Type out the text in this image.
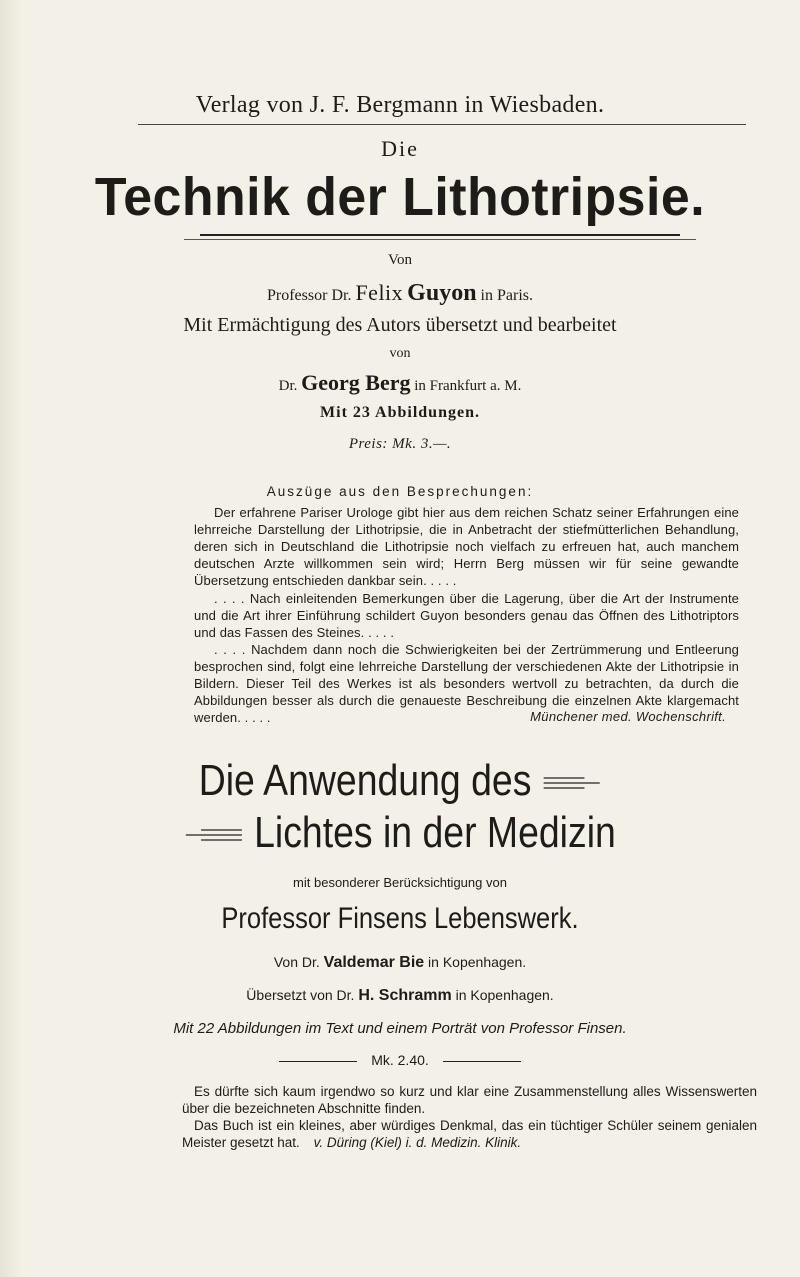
Verlag von J. F. Bergmann in Wiesbaden.
Die
Technik der Lithotripsie.
Von
Professor Dr. Felix Guyon in Paris.
Mit Ermächtigung des Autors übersetzt und bearbeitet
von
Dr. Georg Berg in Frankfurt a. M.
Mit 23 Abbildungen.
Preis: Mk. 3.—.
Auszüge aus den Besprechungen:

Der erfahrene Pariser Urologe gibt hier aus dem reichen Schatz seiner Erfahrungen eine lehrreiche Darstellung der Lithotripsie, die in Anbetracht der stiefmütterlichen Behandlung, deren sich in Deutschland die Lithotripsie noch vielfach zu erfreuen hat, auch manchem deutschen Arzte willkommen sein wird; Herrn Berg müssen wir für seine gewandte Übersetzung entschieden dankbar sein. . . . .

. . . . Nach einleitenden Bemerkungen über die Lagerung, über die Art der Instrumente und die Art ihrer Einführung schildert Guyon besonders genau das Öffnen des Lithotriptors und das Fassen des Steines. . . . .

. . . . Nachdem dann noch die Schwierigkeiten bei der Zertrümmerung und Entleerung besprochen sind, folgt eine lehrreiche Darstellung der verschiedenen Akte der Lithotripsie in Bildern. Dieser Teil des Werkes ist als besonders wertvoll zu betrachten, da durch die Abbildungen besser als durch die genaueste Beschreibung die einzelnen Akte klargemacht werden. . . . .	Münchener med. Wochenschrift.
Die Anwendung des
Lichtes in der Medizin
mit besonderer Berücksichtigung von
Professor Finsens Lebenswerk.
Von Dr. Valdemar Bie in Kopenhagen.
Übersetzt von Dr. H. Schramm in Kopenhagen.
Mit 22 Abbildungen im Text und einem Porträt von Professor Finsen.
Mk. 2.40.

Es dürfte sich kaum irgendwo so kurz und klar eine Zusammenstellung alles Wissenswerten über die bezeichneten Abschnitte finden.

Das Buch ist ein kleines, aber würdiges Denkmal, das ein tüchtiger Schüler seinem genialen Meister gesetzt hat. v. Düring (Kiel) i. d. Medizin. Klinik.
